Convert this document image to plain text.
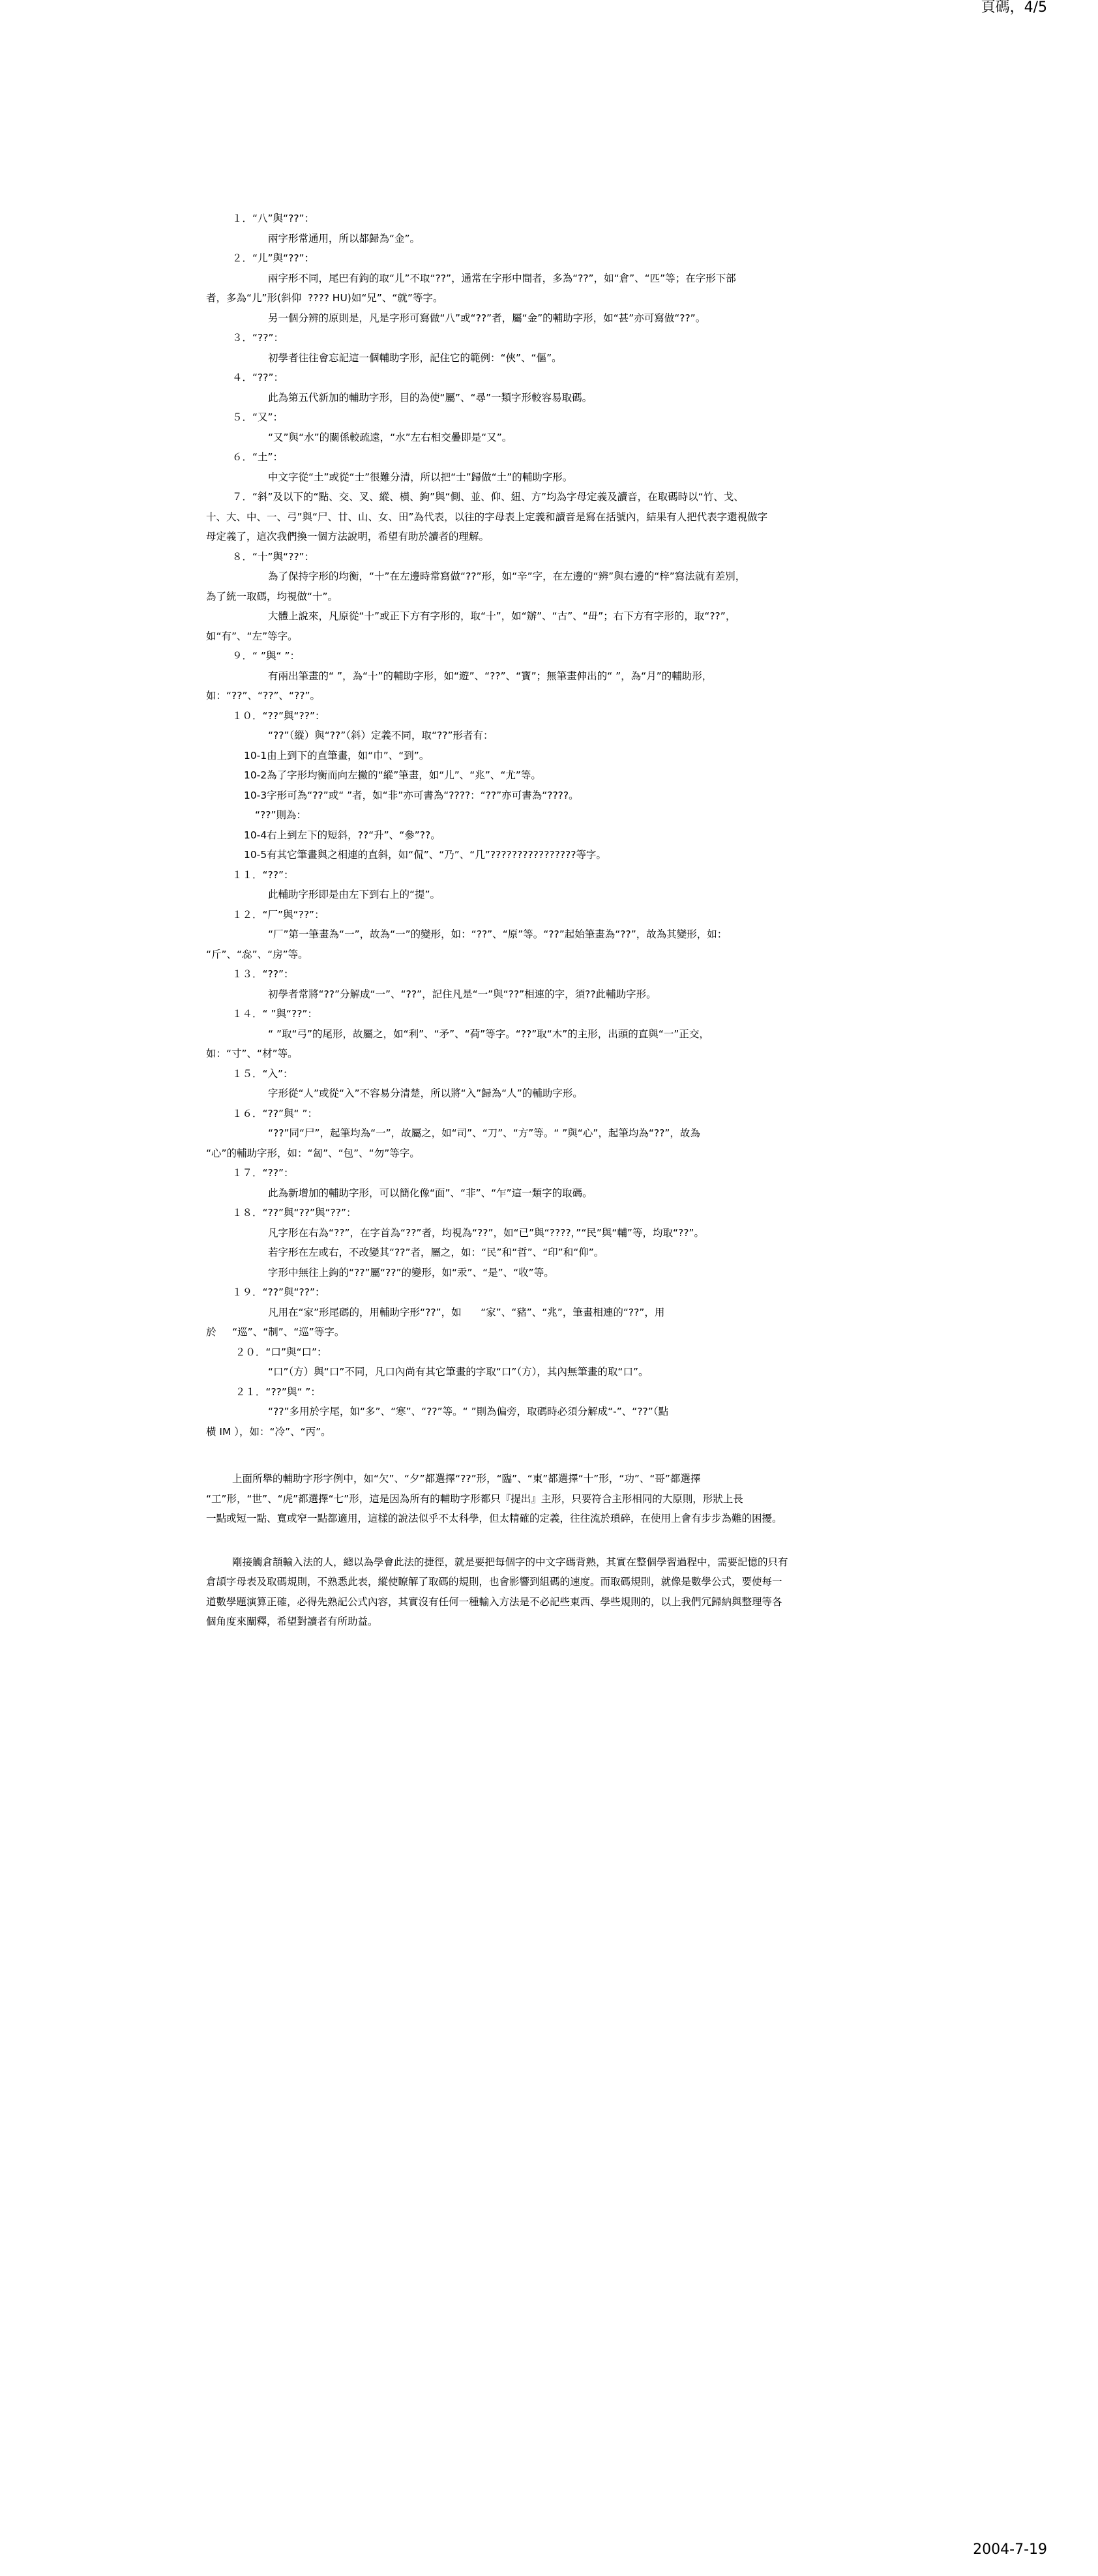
頁碼，4/5
１．“八”與“??”：
兩字形常通用，所以都歸為“金”。
２．“儿”與“??”：
兩字形不同，尾巴有鉤的取“儿”不取“??”，通常在字形中間者，多為“??”，如“倉”、“匹”等；在字形下部
者，多為“儿”形(斜仰  ???? HU)如“兄”、“就”等字。
另一個分辨的原則是，凡是字形可寫做“八”或“??”者，屬“金”的輔助字形，如“甚”亦可寫做“??”。
３．“??”：
初學者往往會忘記這一個輔助字形，記住它的範例：“俠”、“傴”。
４．“??”：
此為第五代新加的輔助字形，目的為使“屬”、“尋”一類字形較容易取碼。
５．“又”：
“又”與“水”的關係較疏遠，“水”左右相交疊即是“又”。
６．“土”：
中文字從“土”或從“士”很難分清，所以把“士”歸做“土”的輔助字形。
７．“斜”及以下的“點、交、叉、縱、橫、鉤”與“側、並、仰、紐、方”均為字母定義及讀音，在取碼時以“竹、戈、
十、大、中、一、弓”與“尸、廿、山、女、田”為代表，以往的字母表上定義和讀音是寫在括號內，結果有人把代表字還視做字
母定義了，這次我們換一個方法說明，希望有助於讀者的理解。
８．“十”與“??”：
為了保持字形的均衡，“十”在左邊時常寫做“??”形，如“辛”字，在左邊的“辨”與右邊的“梓”寫法就有差別，
為了統一取碼，均視做“十”。
大體上說來，凡原從“十”或正下方有字形的，取“十”，如“辦”、“古”、“毌”；右下方有字形的，取“??”，
如“有”、“左”等字。
９．“ ”與“ ”：
有兩出筆畫的“ ”，為“十”的輔助字形，如“遊”、“??”、“寶”；無筆畫伸出的“ ”，為“月”的輔助形，
如：“??”、“??”、“??”。
１０．“??”與“??”：
“??”（縱）與“??”（斜）定義不同，取“??”形者有：
10-1由上到下的直筆畫，如“巾”、“到”。
10-2為了字形均衡而向左撇的“縱”筆畫，如“儿”、“兆”、“尤”等。
10-3字形可為“??”或“ ”者，如“非”亦可書為“????：“??”亦可書為“????。
“??”則為：
10-4右上到左下的短斜，??“升”、“參”??。
10-5有其它筆畫與之相連的直斜，如“侃”、“乃”、“几”????????????????等字。
１１．“??”：
此輔助字形即是由左下到右上的“提”。
１２．“厂”與“??”：
“厂”第一筆畫為“一”，故為“一”的變形，如：“??”、“原”等。“??”起始筆畫為“??”，故為其變形，如：
“斤”、“惢”、“房”等。
１３．“??”：
初學者常將“??”分解成“一”、“??”，記住凡是“一”與“??”相連的字，須??此輔助字形。
１４．“ ”與“??”：
“ ”取“弓”的尾形，故屬之，如“利”、“矛”、“荷”等字。“??”取“木”的主形，出頭的直與“一”正交，
如：“寸”、“材”等。
１５．“入”：
字形從“人”或從“入”不容易分清楚，所以將“入”歸為“人”的輔助字形。
１６．“??”與“ ”：
“??”同“尸”，起筆均為“一”，故屬之，如“司”、“刀”、“方”等。“ ”與“心”，起筆均為“??”，故為
“心”的輔助字形，如：“匐”、“包”、“勿”等字。
１７．“??”：
此為新增加的輔助字形，可以簡化像“面”、“非”、“乍”這一類字的取碼。
１８．“??”與“??”與“??”：
凡字形在右為“??”，在字首為“??”者，均視為“??”，如“已”與“????，”“民”與“輔”等，均取“??”。
若字形在左或右，不改變其“??”者，屬之，如：“民”和“哲”、“印”和“仰”。
字形中無往上鉤的“??”屬“??”的變形，如“汞”、“是”、“收”等。
１９．“??”與“??”：
凡用在“家”形尾碼的，用輔助字形“??”，如      “家”、“豬”、“兆”，筆畫相連的“??”，用
於     “巡”、“制”、“巡”等字。
２０．“口”與“口”：
“口”（方）與“口”不同，凡口內尚有其它筆畫的字取“口”（方），其內無筆畫的取“口”。
２１．“??”與“ ”：
“??”多用於字尾，如“多”、“寒”、“??”等。“ ”則為偏旁，取碼時必須分解成“-”、“??”（點
橫 IM ），如：“冷”、“丙”。
上面所舉的輔助字形字例中，如“欠”、“夕”都選擇“??”形，“臨”、“東”都選擇“十”形，“功”、“哥”都選擇
“工”形，“世”、“虎”都選擇“七”形，這是因為所有的輔助字形都只『提出』主形，只要符合主形相同的大原則，形狀上長
一點或短一點、寬或窄一點都適用，這樣的說法似乎不太科學，但太精確的定義，往往流於瑣碎，在使用上會有步步為難的困擾。
剛接觸倉頡輸入法的人，總以為學會此法的捷徑，就是要把每個字的中文字碼背熟，其實在整個學習過程中，需要記憶的只有
倉頡字母表及取碼規則，不熟悉此表，縱使瞭解了取碼的規則，也會影響到組碼的速度。而取碼規則，就像是數學公式，要使每一
道數學題演算正確，必得先熟記公式內容，其實沒有任何一種輸入方法是不必記些東西、學些規則的，以上我們冗歸納與整理等各
個角度來闡釋，希望對讀者有所助益。
2004-7-19
